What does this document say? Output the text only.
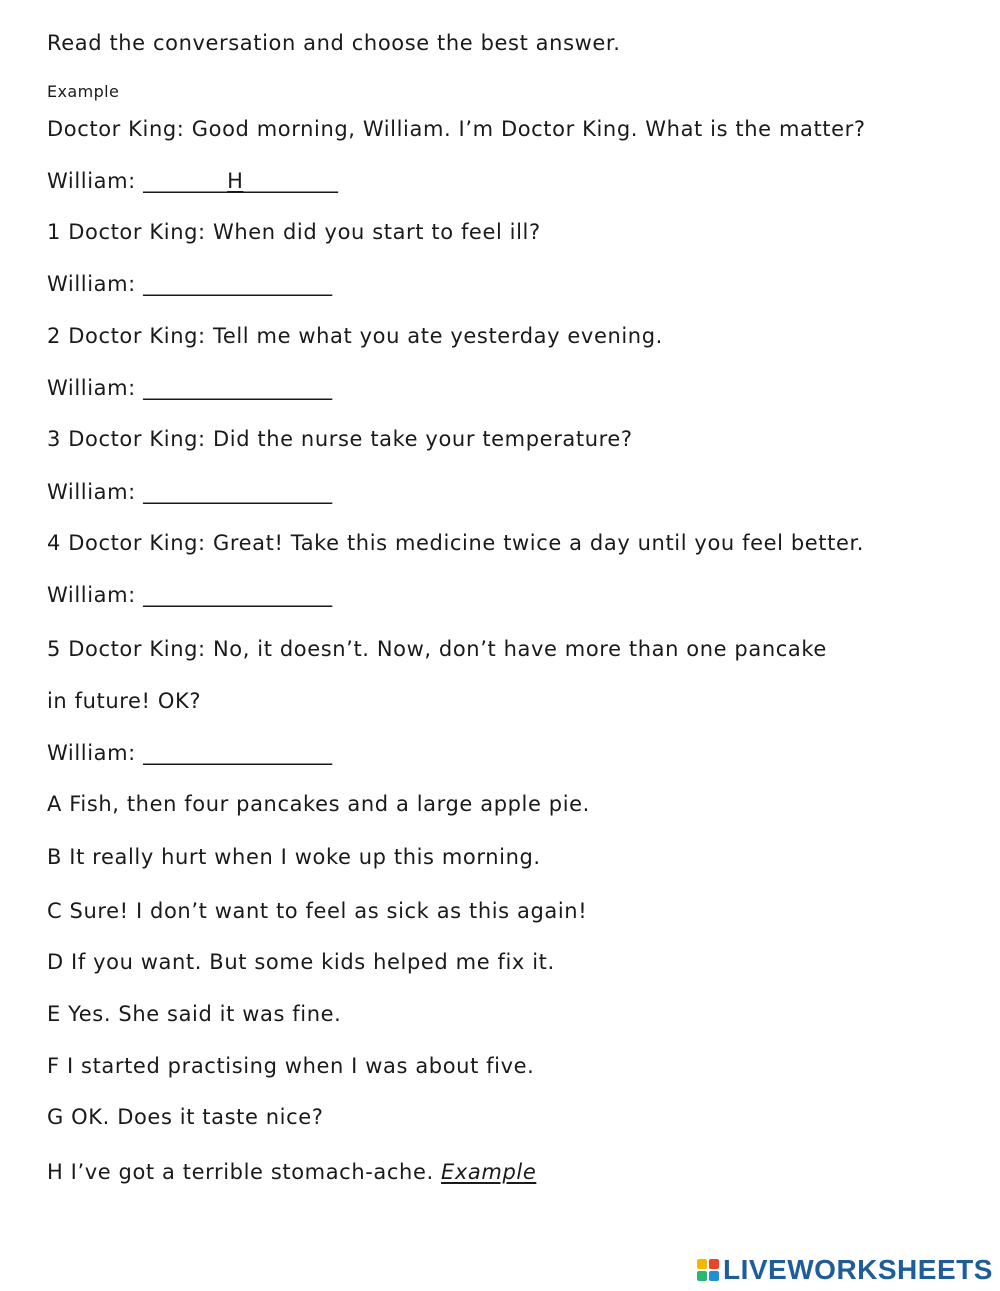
Read the conversation and choose the best answer.
Example
Doctor King: Good morning, William. I’m Doctor King. What is the matter?
William: ________H_________
1 Doctor King: When did you start to feel ill?
William: __________________
2 Doctor King: Tell me what you ate yesterday evening.
William: __________________
3 Doctor King: Did the nurse take your temperature?
William: __________________
4 Doctor King: Great! Take this medicine twice a day until you feel better.
William: __________________
5 Doctor King: No, it doesn’t. Now, don’t have more than one pancake
in future! OK?
William: __________________
A Fish, then four pancakes and a large apple pie.
B It really hurt when I woke up this morning.
C Sure! I don’t want to feel as sick as this again!
D If you want. But some kids helped me fix it.
E Yes. She said it was fine.
F I started practising when I was about five.
G OK. Does it taste nice?
H I’ve got a terrible stomach-ache. Example
LIVEWORKSHEETS
